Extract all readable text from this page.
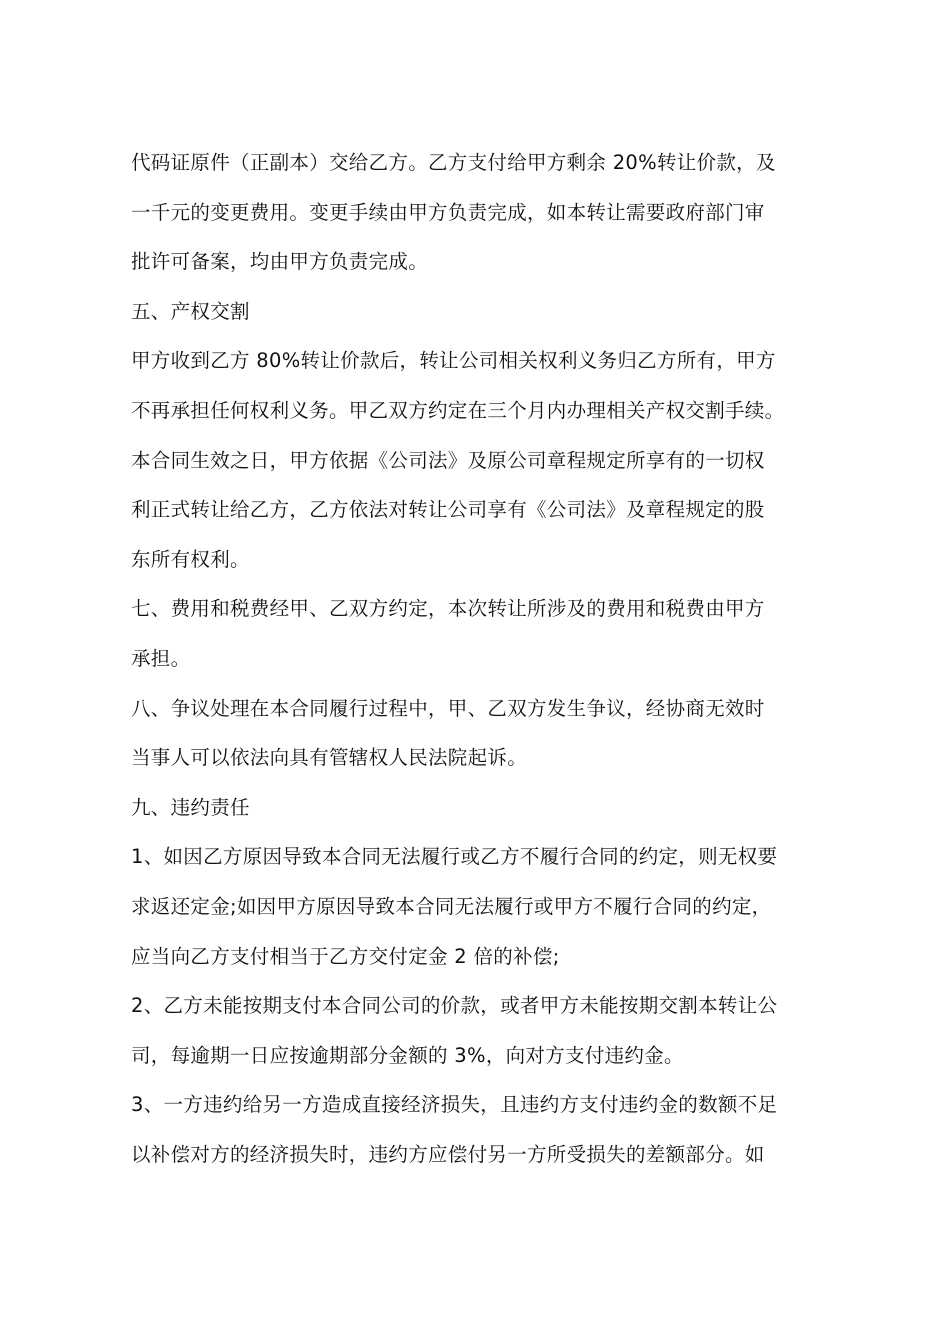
代码证原件（正副本）交给乙方。乙方支付给甲方剩余 20%转让价款，及

一千元的变更费用。变更手续由甲方负责完成，如本转让需要政府部门审

批许可备案，均由甲方负责完成。

五、产权交割

甲方收到乙方 80%转让价款后，转让公司相关权利义务归乙方所有，甲方

不再承担任何权利义务。甲乙双方约定在三个月内办理相关产权交割手续。

本合同生效之日，甲方依据《公司法》及原公司章程规定所享有的一切权

利正式转让给乙方，乙方依法对转让公司享有《公司法》及章程规定的股

东所有权利。

七、费用和税费经甲、乙双方约定，本次转让所涉及的费用和税费由甲方

承担。

八、争议处理在本合同履行过程中，甲、乙双方发生争议，经协商无效时

当事人可以依法向具有管辖权人民法院起诉。

九、违约责任

1、如因乙方原因导致本合同无法履行或乙方不履行合同的约定，则无权要

求返还定金;如因甲方原因导致本合同无法履行或甲方不履行合同的约定，

应当向乙方支付相当于乙方交付定金 2 倍的补偿;

2、乙方未能按期支付本合同公司的价款，或者甲方未能按期交割本转让公

司，每逾期一日应按逾期部分金额的 3%，向对方支付违约金。

3、一方违约给另一方造成直接经济损失，且违约方支付违约金的数额不足

以补偿对方的经济损失时，违约方应偿付另一方所受损失的差额部分。如
